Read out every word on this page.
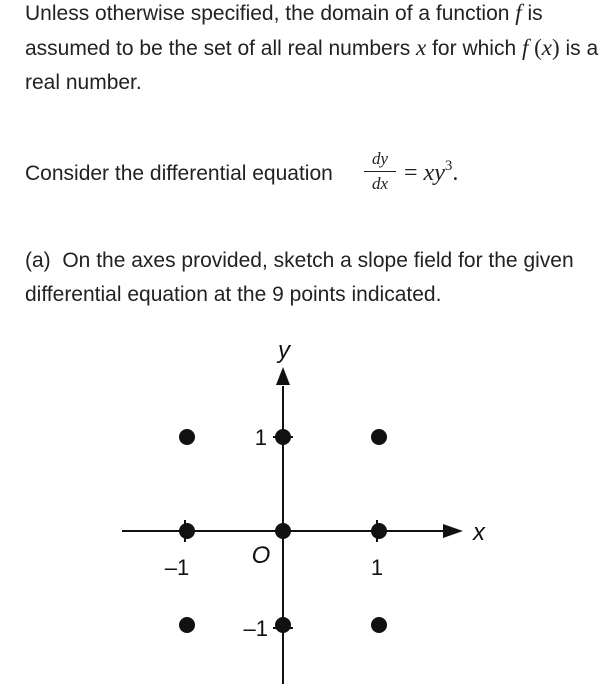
Unless otherwise specified, the domain of a function f is assumed to be the set of all real numbers x for which f (x) is a real number.
Consider the differential equation $\frac{dy}{dx} = xy^3$.
(a) On the axes provided, sketch a slope field for the given differential equation at the 9 points indicated.
x
y
O
–1	1
1
–1
